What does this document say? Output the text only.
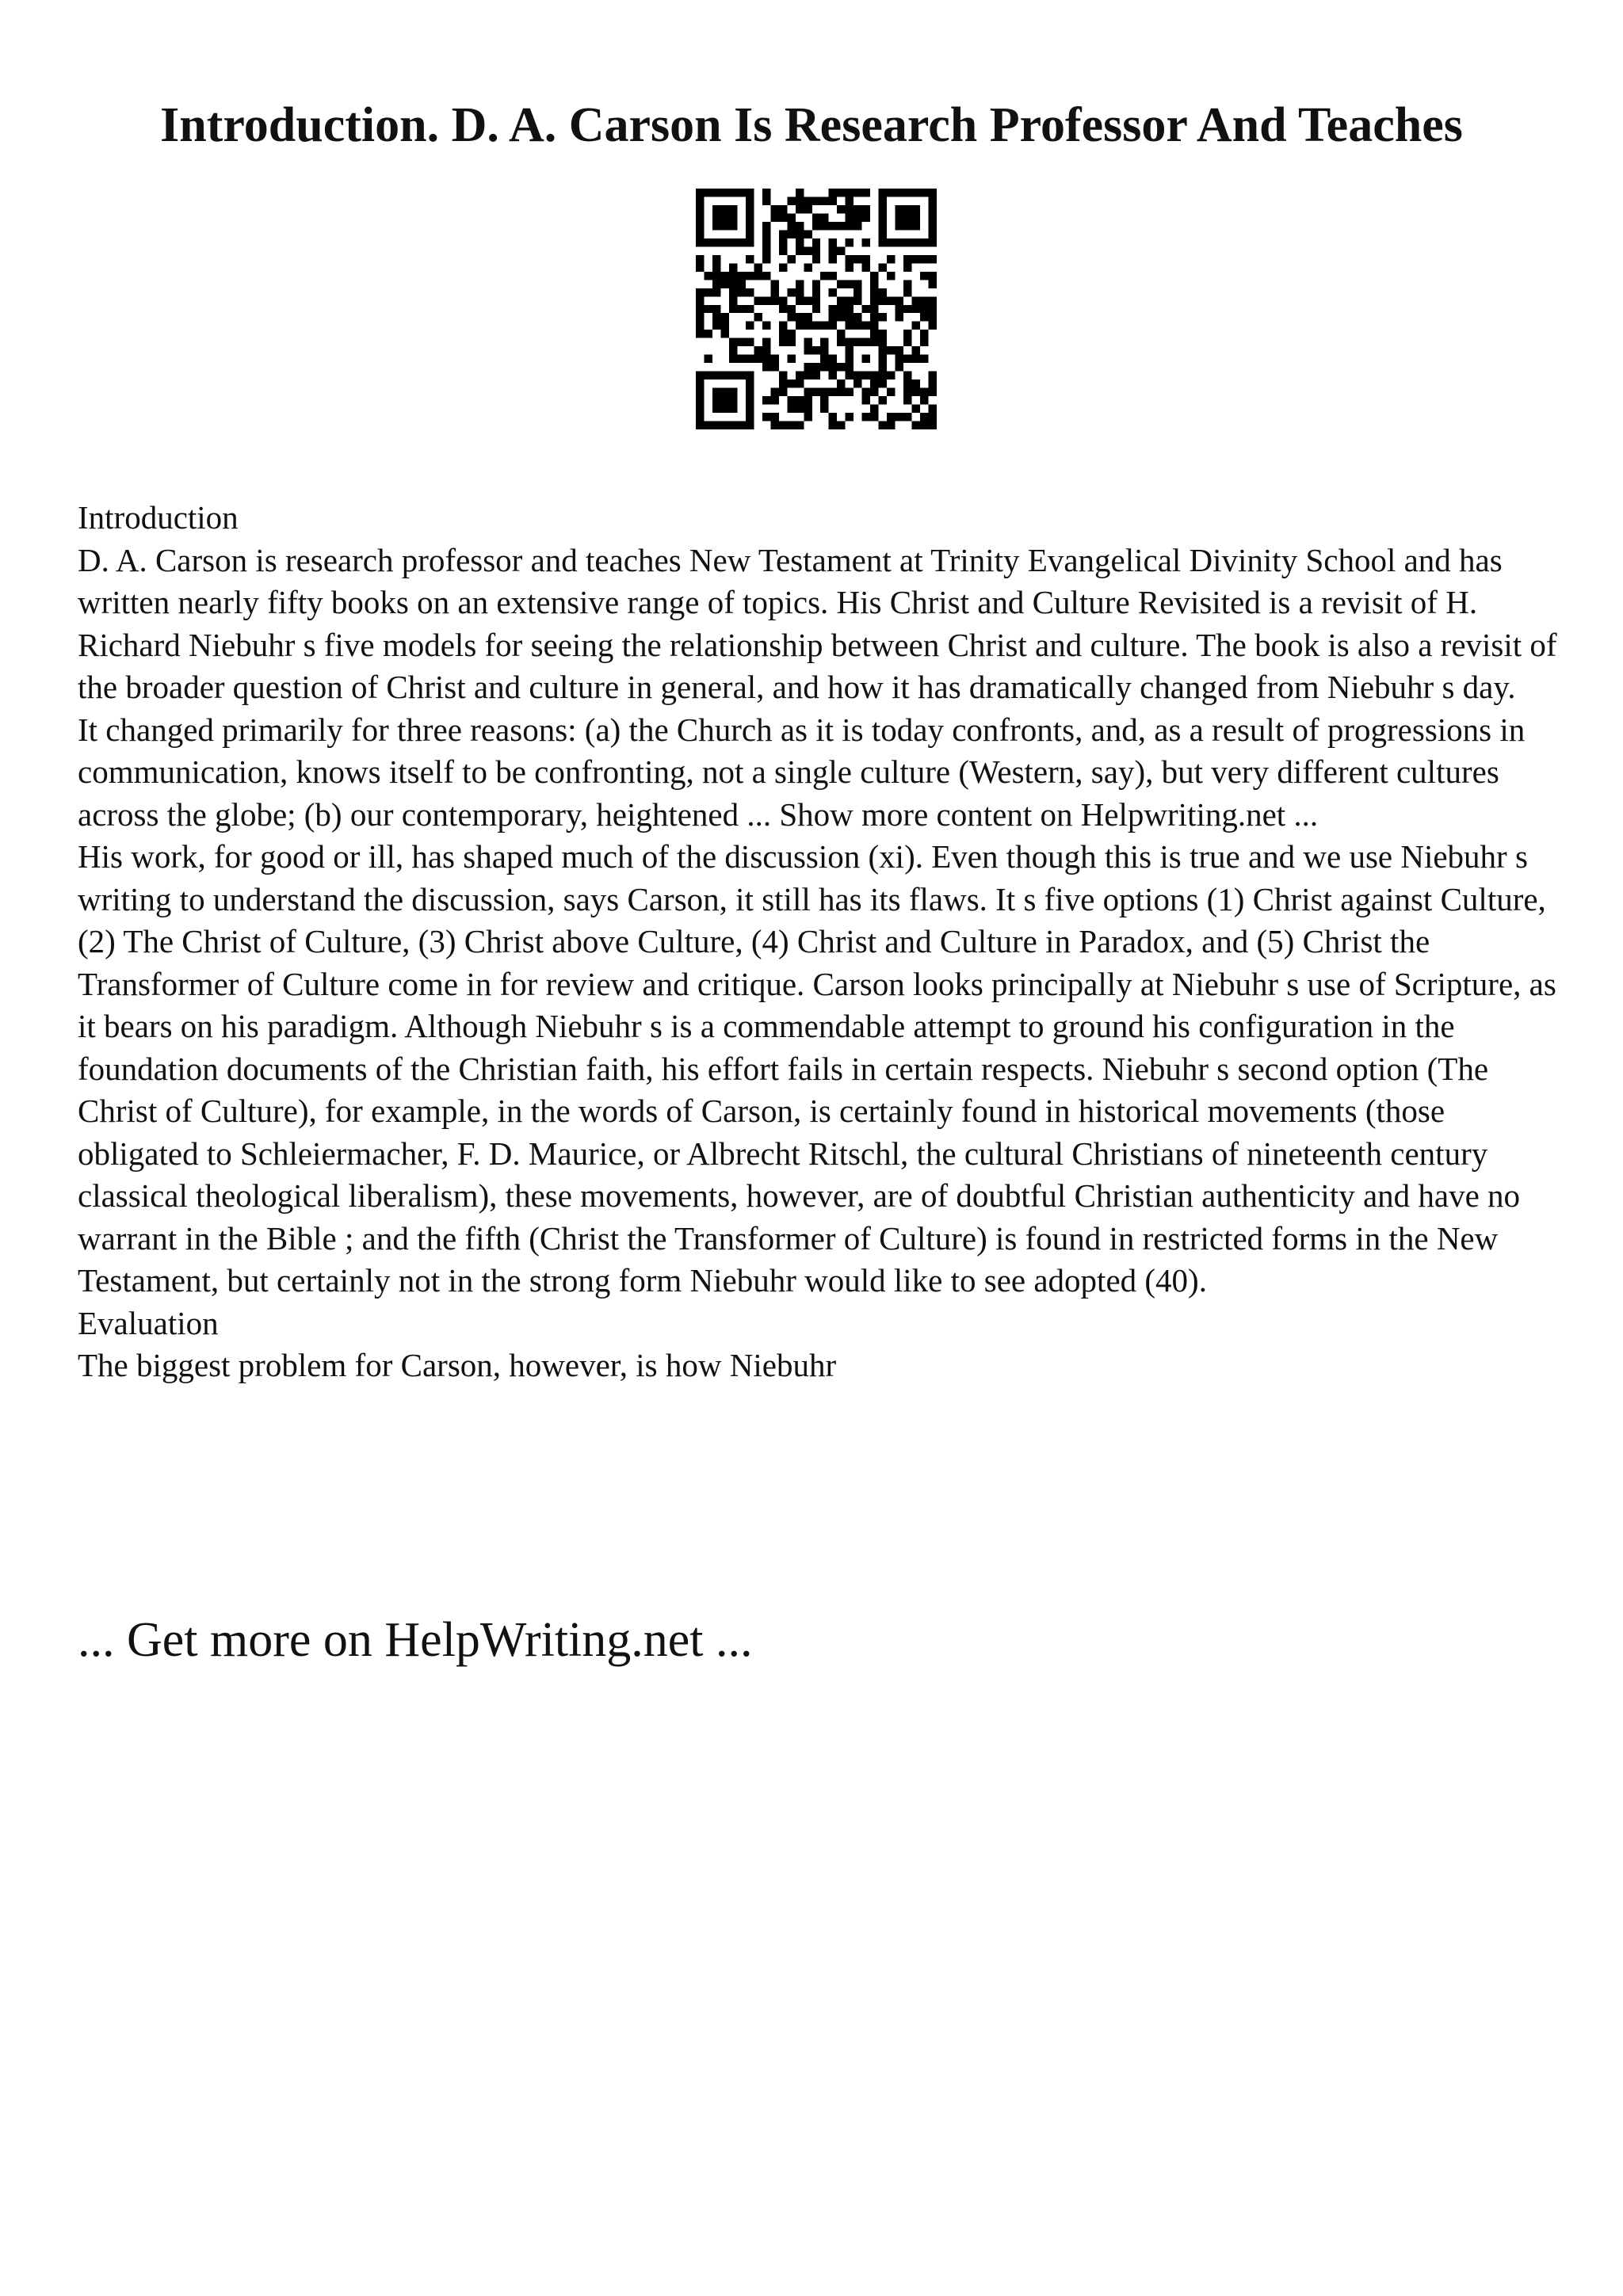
Introduction. D. A. Carson Is Research Professor And Teaches

Introduction

D. A. Carson is research professor and teaches New Testament at Trinity Evangelical Divinity School and has written nearly fifty books on an extensive range of topics. His Christ and Culture Revisited is a revisit of H. Richard Niebuhr s five models for seeing the relationship between Christ and culture. The book is also a revisit of the broader question of Christ and culture in general, and how it has dramatically changed from Niebuhr s day.

It changed primarily for three reasons: (a) the Church as it is today confronts, and, as a result of progressions in communication, knows itself to be confronting, not a single culture (Western, say), but very different cultures across the globe; (b) our contemporary, heightened ... Show more content on Helpwriting.net ...

His work, for good or ill, has shaped much of the discussion (xi). Even though this is true and we use Niebuhr s writing to understand the discussion, says Carson, it still has its flaws. It s five options (1) Christ against Culture, (2) The Christ of Culture, (3) Christ above Culture, (4) Christ and Culture in Paradox, and (5) Christ the Transformer of Culture come in for review and critique. Carson looks principally at Niebuhr s use of Scripture, as it bears on his paradigm. Although Niebuhr s is a commendable attempt to ground his configuration in the foundation documents of the Christian faith, his effort fails in certain respects. Niebuhr s second option (The Christ of Culture), for example, in the words of Carson, is certainly found in historical movements (those obligated to Schleiermacher, F. D. Maurice, or Albrecht Ritschl, the cultural Christians of nineteenth century classical theological liberalism), these movements, however, are of doubtful Christian authenticity and have no warrant in the Bible ; and the fifth (Christ the Transformer of Culture) is found in restricted forms in the New Testament, but certainly not in the strong form Niebuhr would like to see adopted (40).

Evaluation

The biggest problem for Carson, however, is how Niebuhr

... Get more on HelpWriting.net ...
